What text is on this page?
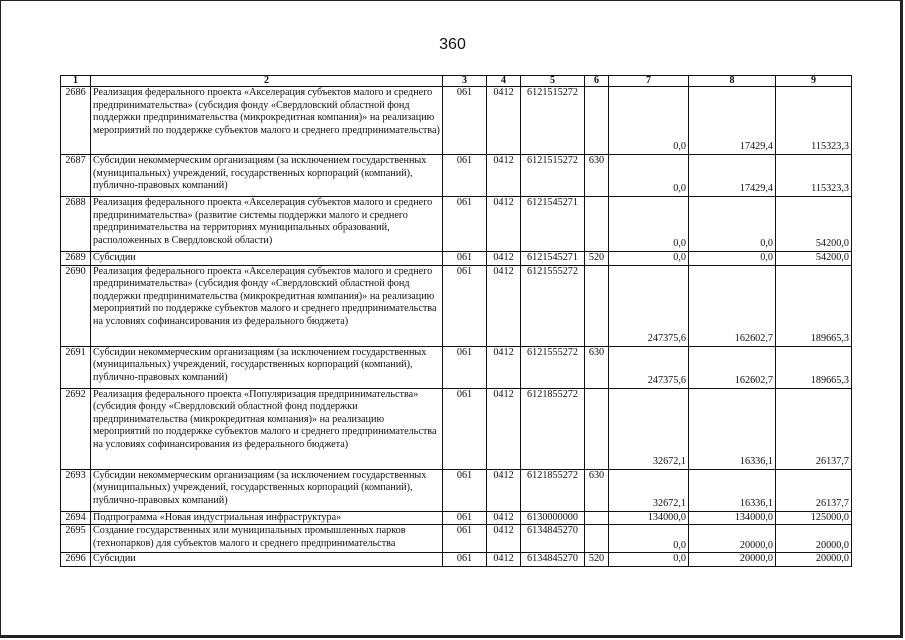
360
1	2	3	4	5	6	7	8	9
2686	Реализация федерального проекта «Акселерация субъектов малого и среднего предпринимательства» (субсидия фонду «Свердловский областной фонд поддержки предпринимательства (микрокредитная компания)» на реализацию мероприятий по поддержке субъектов малого и среднего предпринимательства)	061	0412	6121515272		0,0	17429,4	115323,3
2687	Субсидии некоммерческим организациям (за исключением государственных (муниципальных) учреждений, государственных корпораций (компаний), публично-правовых компаний)	061	0412	6121515272	630	0,0	17429,4	115323,3
2688	Реализация федерального проекта «Акселерация субъектов малого и среднего предпринимательства» (развитие системы поддержки малого и среднего предпринимательства на территориях муниципальных образований, расположенных в Свердловской области)	061	0412	6121545271		0,0	0,0	54200,0
2689	Субсидии	061	0412	6121545271	520	0,0	0,0	54200,0
2690	Реализация федерального проекта «Акселерация субъектов малого и среднего предпринимательства» (субсидия фонду «Свердловский областной фонд поддержки предпринимательства (микрокредитная компания)» на реализацию мероприятий по поддержке субъектов малого и среднего предпринимательства на условиях софинансирования из федерального бюджета)	061	0412	6121555272		247375,6	162602,7	189665,3
2691	Субсидии некоммерческим организациям (за исключением государственных (муниципальных) учреждений, государственных корпораций (компаний), публично-правовых компаний)	061	0412	6121555272	630	247375,6	162602,7	189665,3
2692	Реализация федерального проекта «Популяризация предпринимательства» (субсидия фонду «Свердловский областной фонд поддержки предпринимательства (микрокредитная компания)» на реализацию мероприятий по поддержке субъектов малого и среднего предпринимательства на условиях софинансирования из федерального бюджета)	061	0412	6121855272		32672,1	16336,1	26137,7
2693	Субсидии некоммерческим организациям (за исключением государственных (муниципальных) учреждений, государственных корпораций (компаний), публично-правовых компаний)	061	0412	6121855272	630	32672,1	16336,1	26137,7
2694	Подпрограмма «Новая индустриальная инфраструктура»	061	0412	6130000000		134000,0	134000,0	125000,0
2695	Создание государственных или муниципальных промышленных парков (технопарков) для субъектов малого и среднего предпринимательства	061	0412	6134845270		0,0	20000,0	20000,0
2696	Субсидии	061	0412	6134845270	520	0,0	20000,0	20000,0
